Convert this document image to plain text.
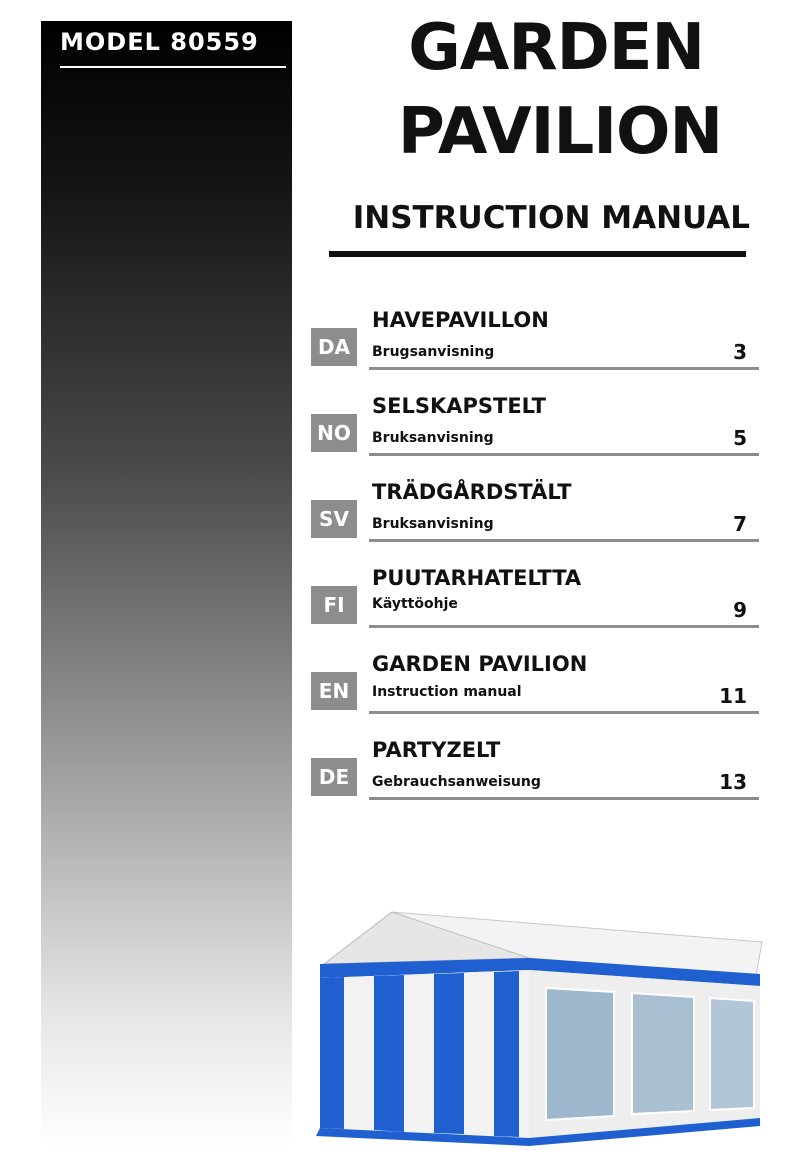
MODEL 80559	GARDEN
PAVILION
INSTRUCTION MANUAL
DA
HAVEPAVILLON
Brugsanvisning	3
NO
SELSKAPSTELT
Bruksanvisning	5
SV
TRÄDGÅRDSTÄLT
Bruksanvisning	7
FI
PUUTARHATELTTA
Käyttöohje	9
EN
GARDEN PAVILION
Instruction manual	11
DE
PARTYZELT
Gebrauchsanweisung	13
